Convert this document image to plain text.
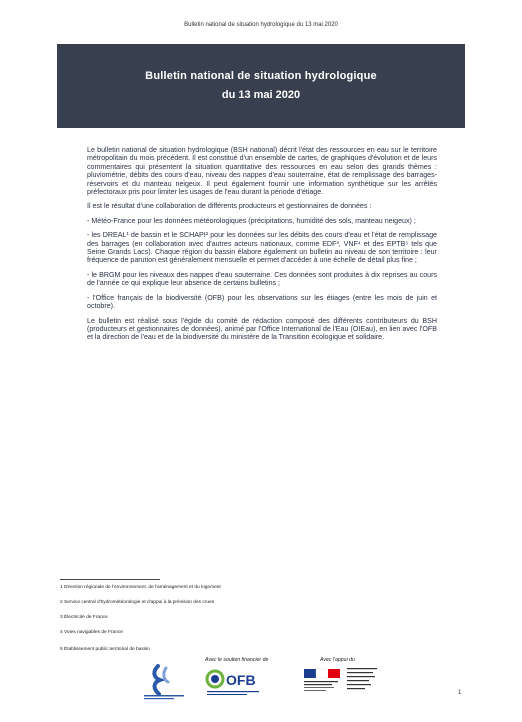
Bulletin national de situation hydrologique du 13 mai 2020
Bulletin national de situation hydrologique
du 13 mai 2020

Le bulletin national de situation hydrologique (BSH national) décrit l'état des ressources en eau sur le territoire métropolitain du mois précédent. Il est constitué d'un ensemble de cartes, de graphiques d'évolution et de leurs commentaires qui présentent la situation quantitative des ressources en eau selon des grands thèmes : pluviométrie, débits des cours d'eau, niveau des nappes d'eau souterraine, état de remplissage des barrages-réservoirs et du manteau neigeux. Il peut également fournir une information synthétique sur les arrêtés préfectoraux pris pour limiter les usages de l'eau durant la période d'étiage.

Il est le résultat d'une collaboration de différents producteurs et gestionnaires de données :

- Météo-France pour les données météorologiques (précipitations, humidité des sols, manteau neigeux) ;

- les DREAL¹ de bassin et le SCHAPI² pour les données sur les débits des cours d'eau et l'état de remplissage des barrages (en collaboration avec d'autres acteurs nationaux, comme EDF³, VNF⁴ et des EPTB⁵ tels que Seine Grands Lacs). Chaque région du bassin élabore également un bulletin au niveau de son territoire : leur fréquence de parution est généralement mensuelle et permet d'accéder à une échelle de détail plus fine ;

- le BRGM pour les niveaux des nappes d'eau souterraine. Ces données sont produites à dix reprises au cours de l'année ce qui explique leur absence de certains bulletins ;

- l'Office français de la biodiversité (OFB) pour les observations sur les étiages (entre les mois de juin et octobre).

Le bulletin est réalisé sous l'égide du comité de rédaction composé des différents contributeurs du BSH (producteurs et gestionnaires de données), animé par l'Office International de l'Eau (OIEau), en lien avec l'OFB et la direction de l'eau et de la biodiversité du ministère de la Transition écologique et solidaire.

1 Direction régionale de l'environnement, de l'aménagement et du logement
2 Service central d'hydrométéorologie et d'appui à la prévision des crues
3 Électricité de France
4 Voies navigables de France
5 Établissement public territorial de bassin
Avec le soutien financier de	Avec l'appui du
OFB
1
